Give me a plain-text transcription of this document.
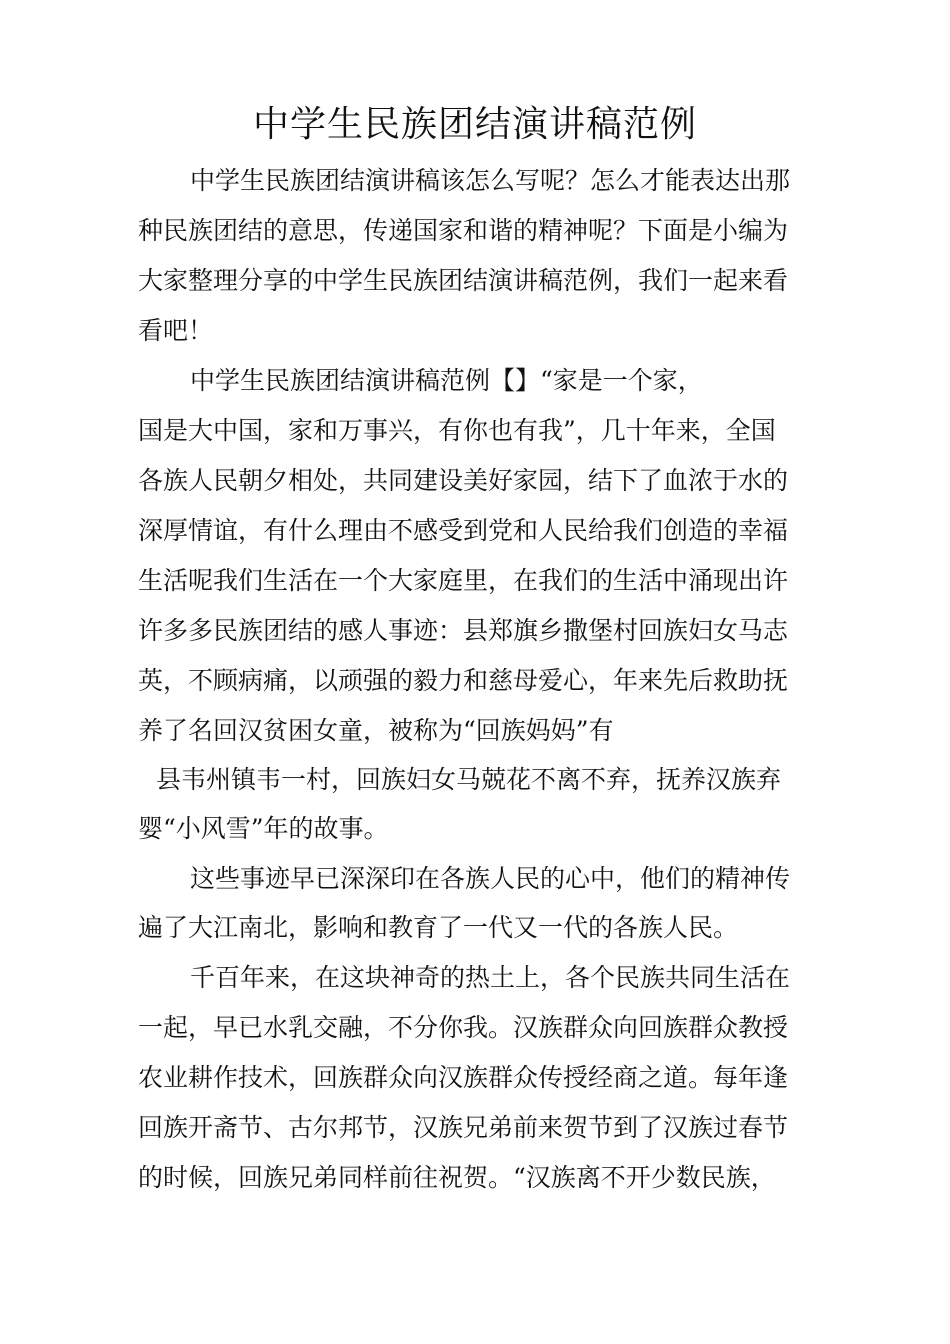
中学生民族团结演讲稿范例

中学生民族团结演讲稿该怎么写呢？怎么才能表达出那

种民族团结的意思，传递国家和谐的精神呢？下面是小编为

大家整理分享的中学生民族团结演讲稿范例，我们一起来看

看吧！

中学生民族团结演讲稿范例【】“家是一个家，

国是大中国，家和万事兴，有你也有我”，几十年来，全国

各族人民朝夕相处，共同建设美好家园，结下了血浓于水的

深厚情谊，有什么理由不感受到党和人民给我们创造的幸福

生活呢我们生活在一个大家庭里，在我们的生活中涌现出许

许多多民族团结的感人事迹：县郑旗乡撒堡村回族妇女马志

英，不顾病痛，以顽强的毅力和慈母爱心，年来先后救助抚

养了名回汉贫困女童，被称为“回族妈妈”有

县韦州镇韦一村，回族妇女马兢花不离不弃，抚养汉族弃

婴“小风雪”年的故事。

这些事迹早已深深印在各族人民的心中，他们的精神传

遍了大江南北，影响和教育了一代又一代的各族人民。

千百年来，在这块神奇的热土上，各个民族共同生活在

一起，早已水乳交融，不分你我。汉族群众向回族群众教授

农业耕作技术，回族群众向汉族群众传授经商之道。每年逢

回族开斋节、古尔邦节，汉族兄弟前来贺节到了汉族过春节

的时候，回族兄弟同样前往祝贺。“汉族离不开少数民族，
